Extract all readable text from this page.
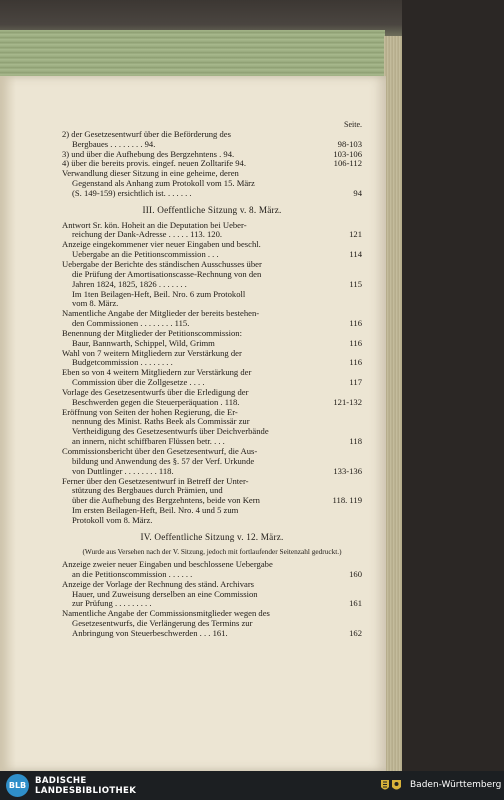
Seite.
2) der Gesetzesentwurf über die Beförderung des
Bergbaues . . . . . . . . 94.	98-103
3) und über die Aufhebung des Bergzehntens . 94.	103-106
4) über die bereits provis. eingef. neuen Zolltarife 94.	106-112
Verwandlung dieser Sitzung in eine geheime, deren
Gegenstand als Anhang zum Protokoll vom 15. März
(S. 149-159) ersichtlich ist. . . . . . .	94
III. Oeffentliche Sitzung v. 8. März.
Antwort Sr. kön. Hoheit an die Deputation bei Ueber-
reichung der Dank-Adresse . . . . . 113. 120.	121
Anzeige eingekommener vier neuer Eingaben und beschl.
Uebergabe an die Petitionscommission . . .	114
Uebergabe der Berichte des ständischen Ausschusses über
die Prüfung der Amortisationscasse-Rechnung von den
Jahren 1824, 1825, 1826 . . . . . . .	115
Im 1ten Beilagen-Heft, Beil. Nro. 6 zum Protokoll
vom 8. März.
Namentliche Angabe der Mitglieder der bereits bestehen-
den Commissionen . . . . . . . . 115.	116
Benennung der Mitglieder der Petitionscommission:
Baur, Bannwarth, Schippel, Wild, Grimm	116
Wahl von 7 weitern Mitgliedern zur Verstärkung der
Budgetcommission . . . . . . . .	116
Eben so von 4 weitern Mitgliedern zur Verstärkung der
Commission über die Zollgesetze . . . .	117
Vorlage des Gesetzesentwurfs über die Erledigung der
Beschwerden gegen die Steuerperäquation . 118.	121-132
Eröffnung von Seiten der hohen Regierung, die Er-
nennung des Minist. Raths Beek als Commissär zur
Vertheidigung des Gesetzesentwurfs über Deichverbände
an innern, nicht schiffbaren Flüssen betr. . . .	118
Commissionsbericht über den Gesetzesentwurf, die Aus-
bildung und Anwendung des §. 57 der Verf. Urkunde
von Duttlinger . . . . . . . . 118.	133-136
Ferner über den Gesetzesentwurf in Betreff der Unter-
stützung des Bergbaues durch Prämien, und
über die Aufhebung des Bergzehntens, beide von Kern	118. 119
Im ersten Beilagen-Heft, Beil. Nro. 4 und 5 zum
Protokoll vom 8. März.
IV. Oeffentliche Sitzung v. 12. März.
(Wurde aus Versehen nach der V. Sitzung, jedoch mit fortlaufender Seitenzahl gedruckt.)
Anzeige zweier neuer Eingaben und beschlossene Uebergabe
an die Petitionscommission . . . . . .	160
Anzeige der Vorlage der Rechnung des ständ. Archivars
Hauer, und Zuweisung derselben an eine Commission
zur Prüfung . . . . . . . . .	161
Namentliche Angabe der Commissionsmitglieder wegen des
Gesetzesentwurfs, die Verlängerung des Termins zur
Anbringung von Steuerbeschwerden . . . 161.	162
BLB	BADISCHE
LANDESBIBLIOTHEK
Baden-Württemberg
